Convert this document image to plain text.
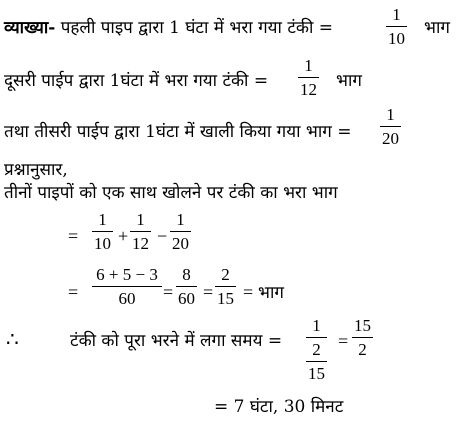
व्याख्या- पहली पाइप द्वारा 1 घंटा में भरा गया टंकी =
1
10
भाग
दूसरी पाईप द्वारा 1घंटा में भरा गया टंकी =
1
12 भाग
तथा तीसरी पाईप द्वारा 1घंटा में खाली किया गया भाग =
1
20
प्रश्नानुसार,
तीनों पाइपों को एक साथ खोलने पर टंकी का भरा भाग
=
1
10 +
1
12 −
1
20
=
6 + 5 − 3
60	=
8
60 =
2
15 = भाग
∴	टंकी को पूरा भरने में लगा समय =
1
2
15
=
15
2
= 7 घंटा, 30 मिनट
